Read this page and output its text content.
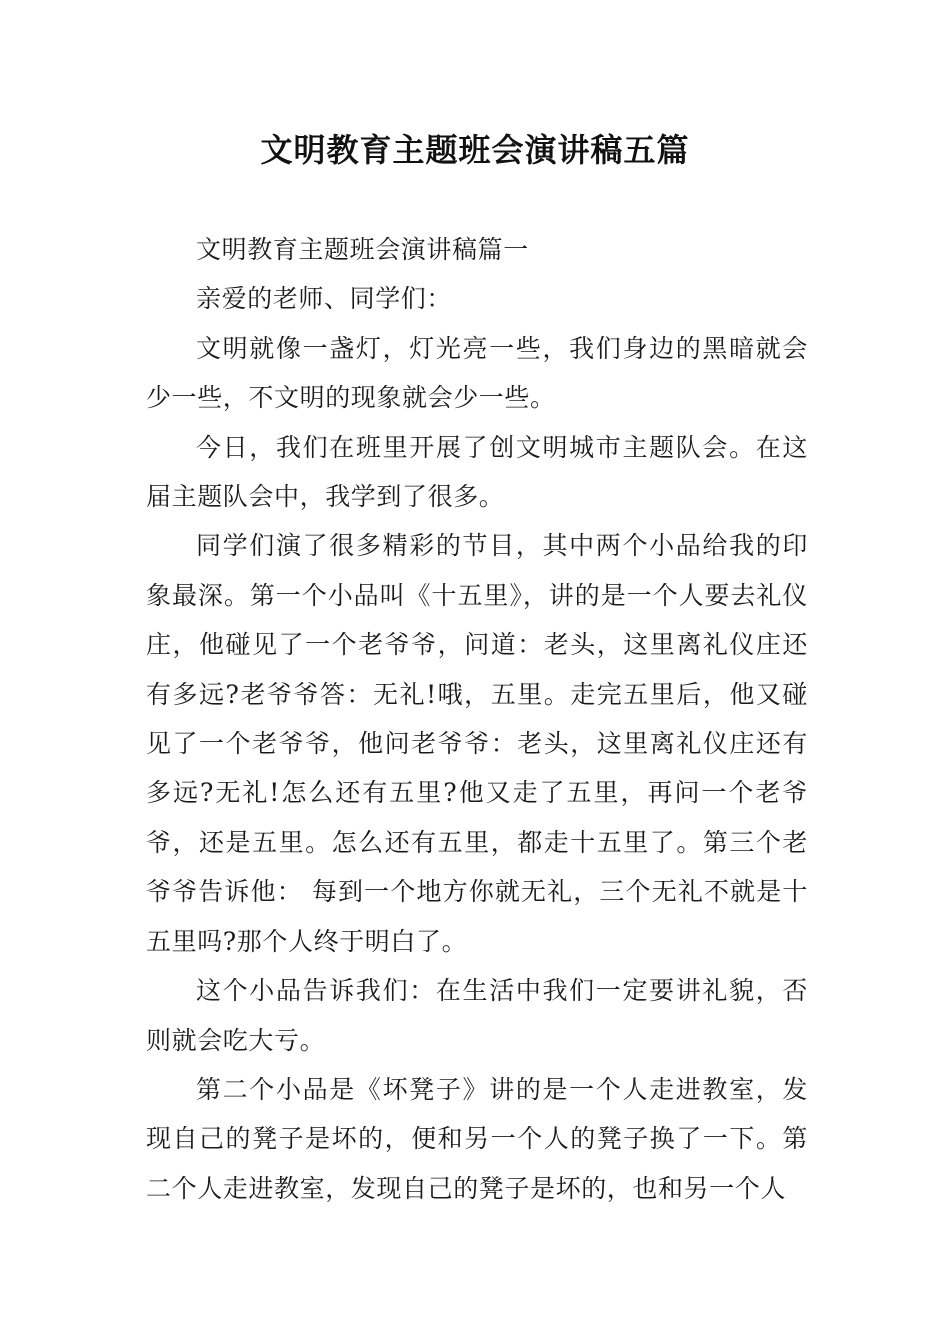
文明教育主题班会演讲稿五篇

文明教育主题班会演讲稿篇一

亲爱的老师、同学们：

文明就像一盏灯，灯光亮一些，我们身边的黑暗就会少一些，不文明的现象就会少一些。

今日，我们在班里开展了创文明城市主题队会。在这届主题队会中，我学到了很多。

同学们演了很多精彩的节目，其中两个小品给我的印象最深。第一个小品叫《十五里》，讲的是一个人要去礼仪庄，他碰见了一个老爷爷，问道：老头，这里离礼仪庄还有多远?老爷爷答：无礼!哦，五里。走完五里后，他又碰见了一个老爷爷，他问老爷爷：老头，这里离礼仪庄还有多远?无礼!怎么还有五里?他又走了五里，再问一个老爷爷，还是五里。怎么还有五里，都走十五里了。第三个老爷爷告诉他： 每到一个地方你就无礼，三个无礼不就是十五里吗?那个人终于明白了。

这个小品告诉我们：在生活中我们一定要讲礼貌，否则就会吃大亏。

第二个小品是《坏凳子》讲的是一个人走进教室，发现自己的凳子是坏的，便和另一个人的凳子换了一下。第二个人走进教室，发现自己的凳子是坏的，也和另一个人
